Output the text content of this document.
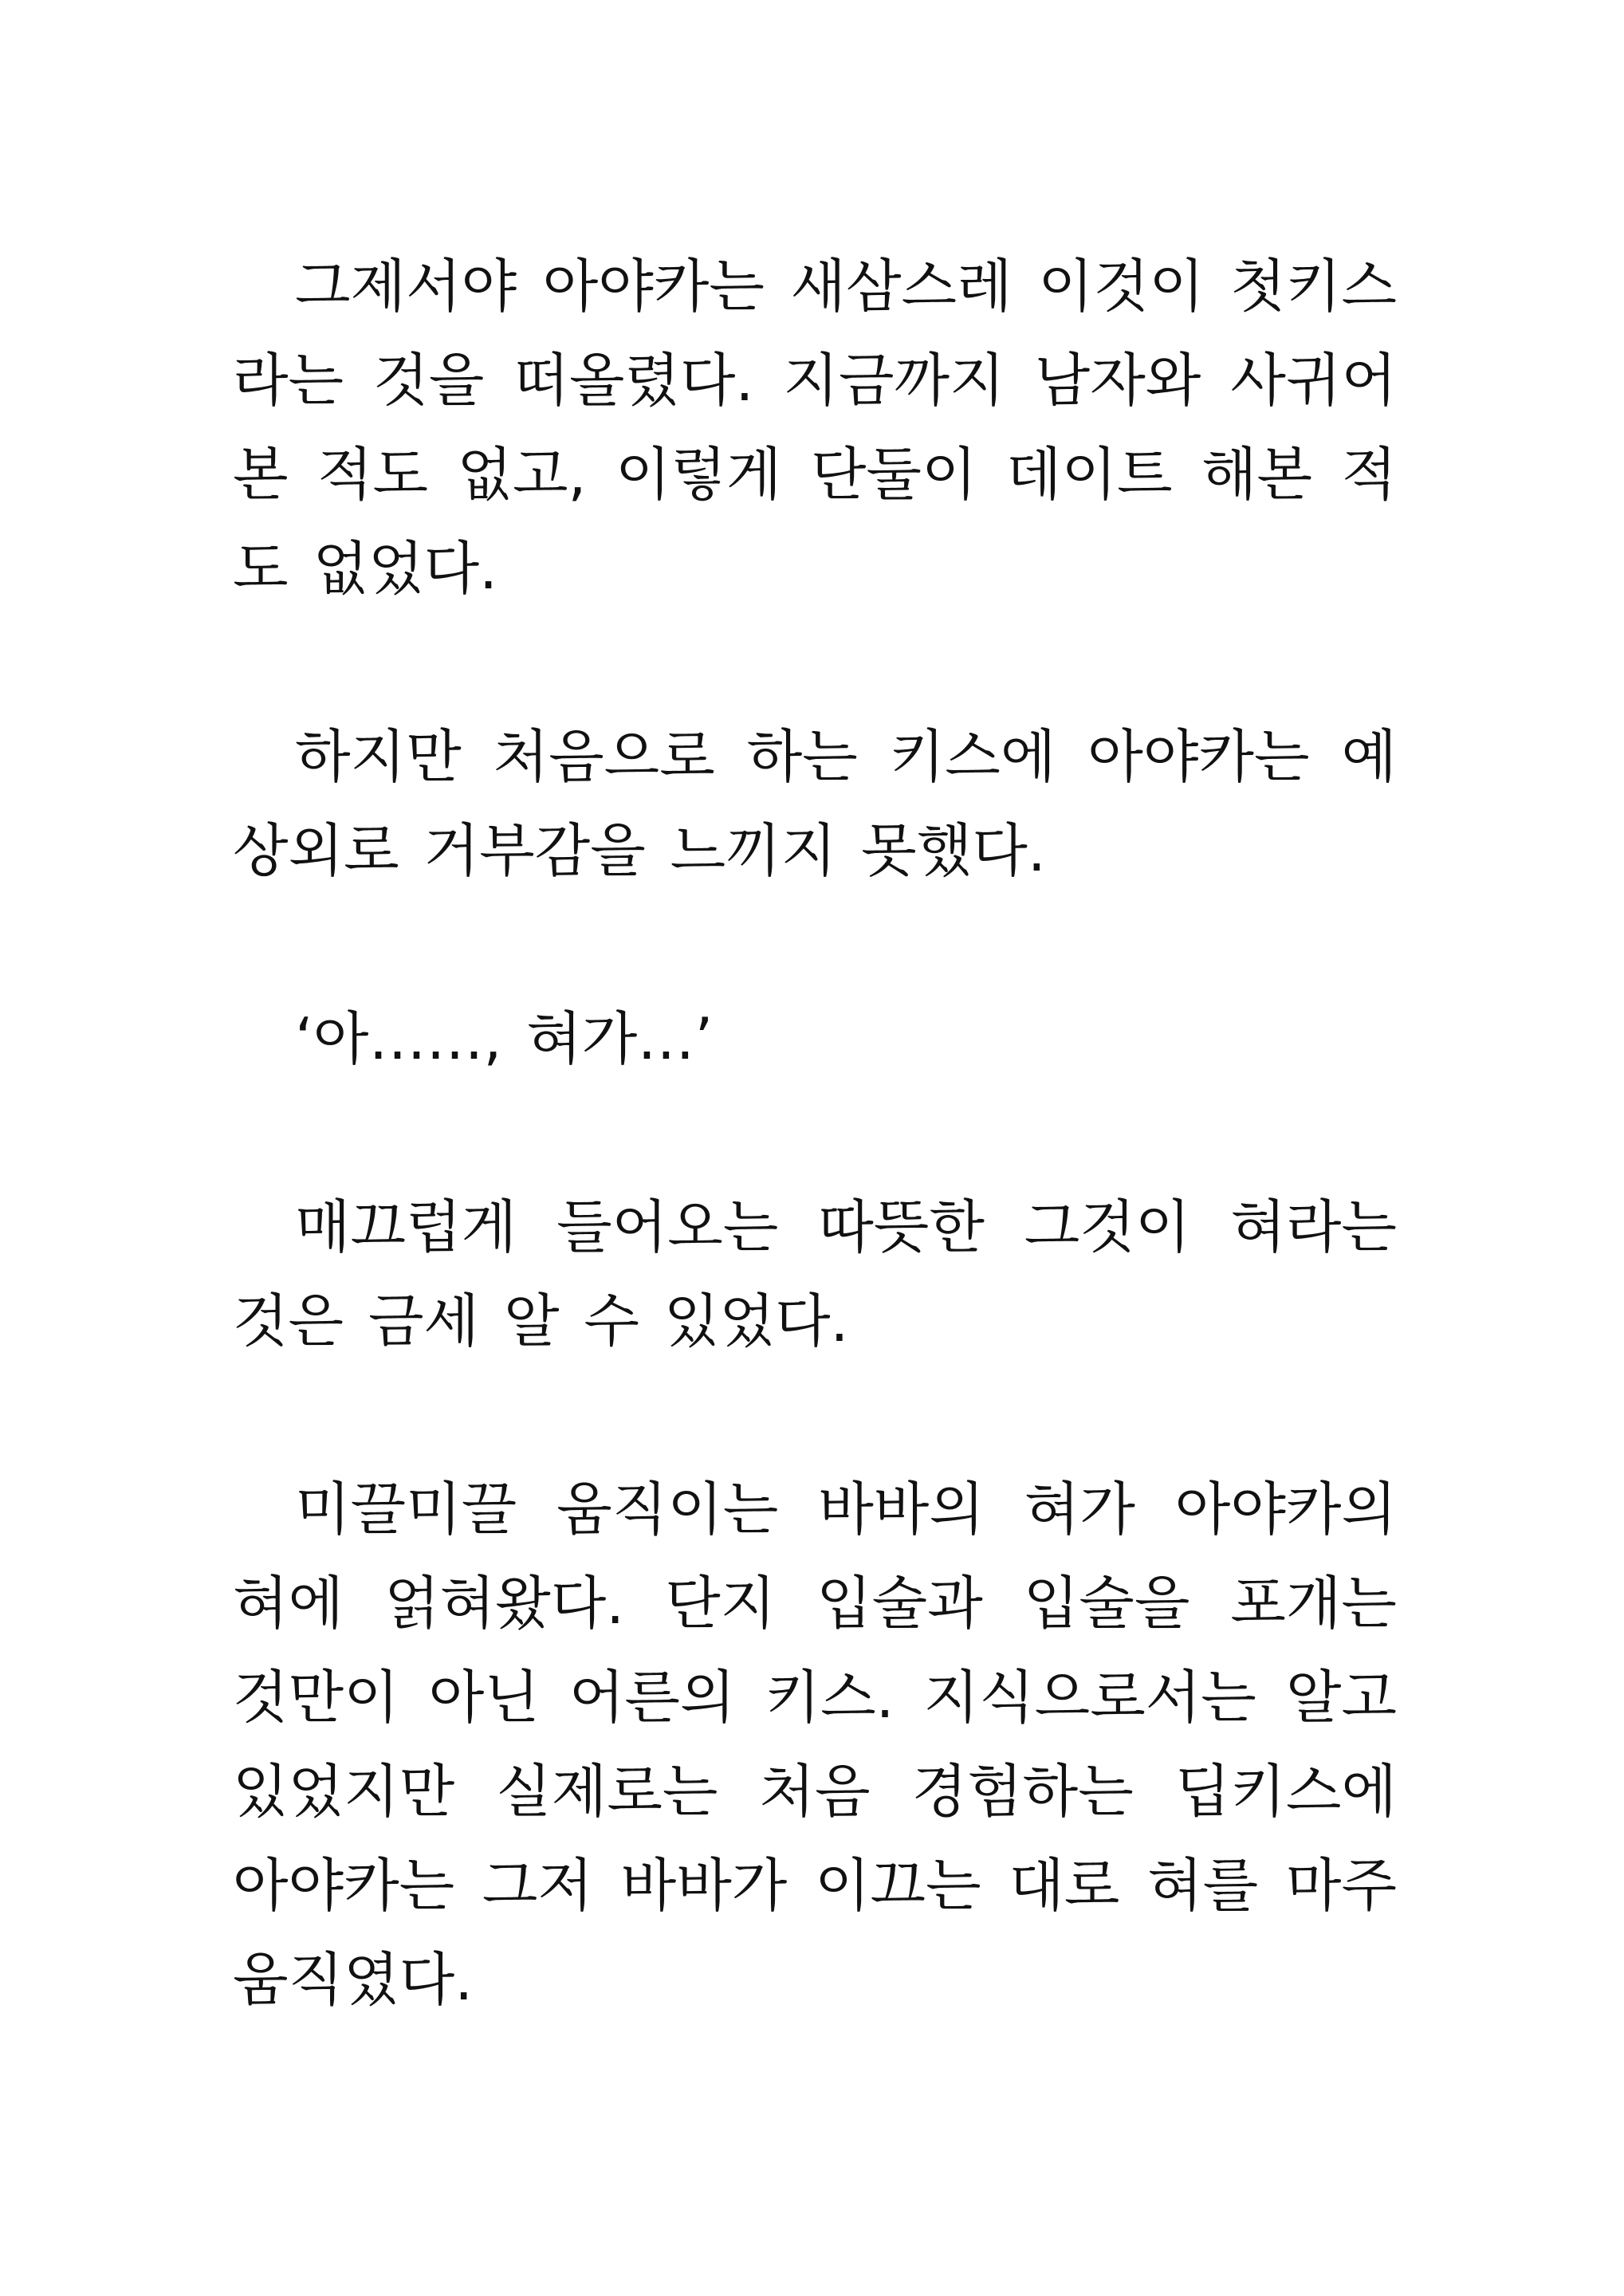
그제서야 아야카는 새삼스레 이것이 첫키스라는 것을 떠올렸다. 지금까지 남자와 사귀어 본 적도 없고, 이렇게 단둘이 데이트 해본 적도 없었다.

하지만 처음으로 하는 키스에 아야카는 예상외로 거부감을 느끼지 못했다.

‘아……, 혀가…’

매끄럽게 들어오는 따뜻한 그것이 혀라는 것은 금세 알 수 있었다.

미끌미끌 움직이는 바바의 혀가 아야카의 혀에 얽혀왔다. 단지 입술과 입술을 포개는 것만이 아닌 어른의 키스. 지식으로서는 알고 있었지만 실제로는 처음 경험하는 딥키스에 아야카는 그저 바바가 이끄는 대로 혀를 마주 움직였다.
